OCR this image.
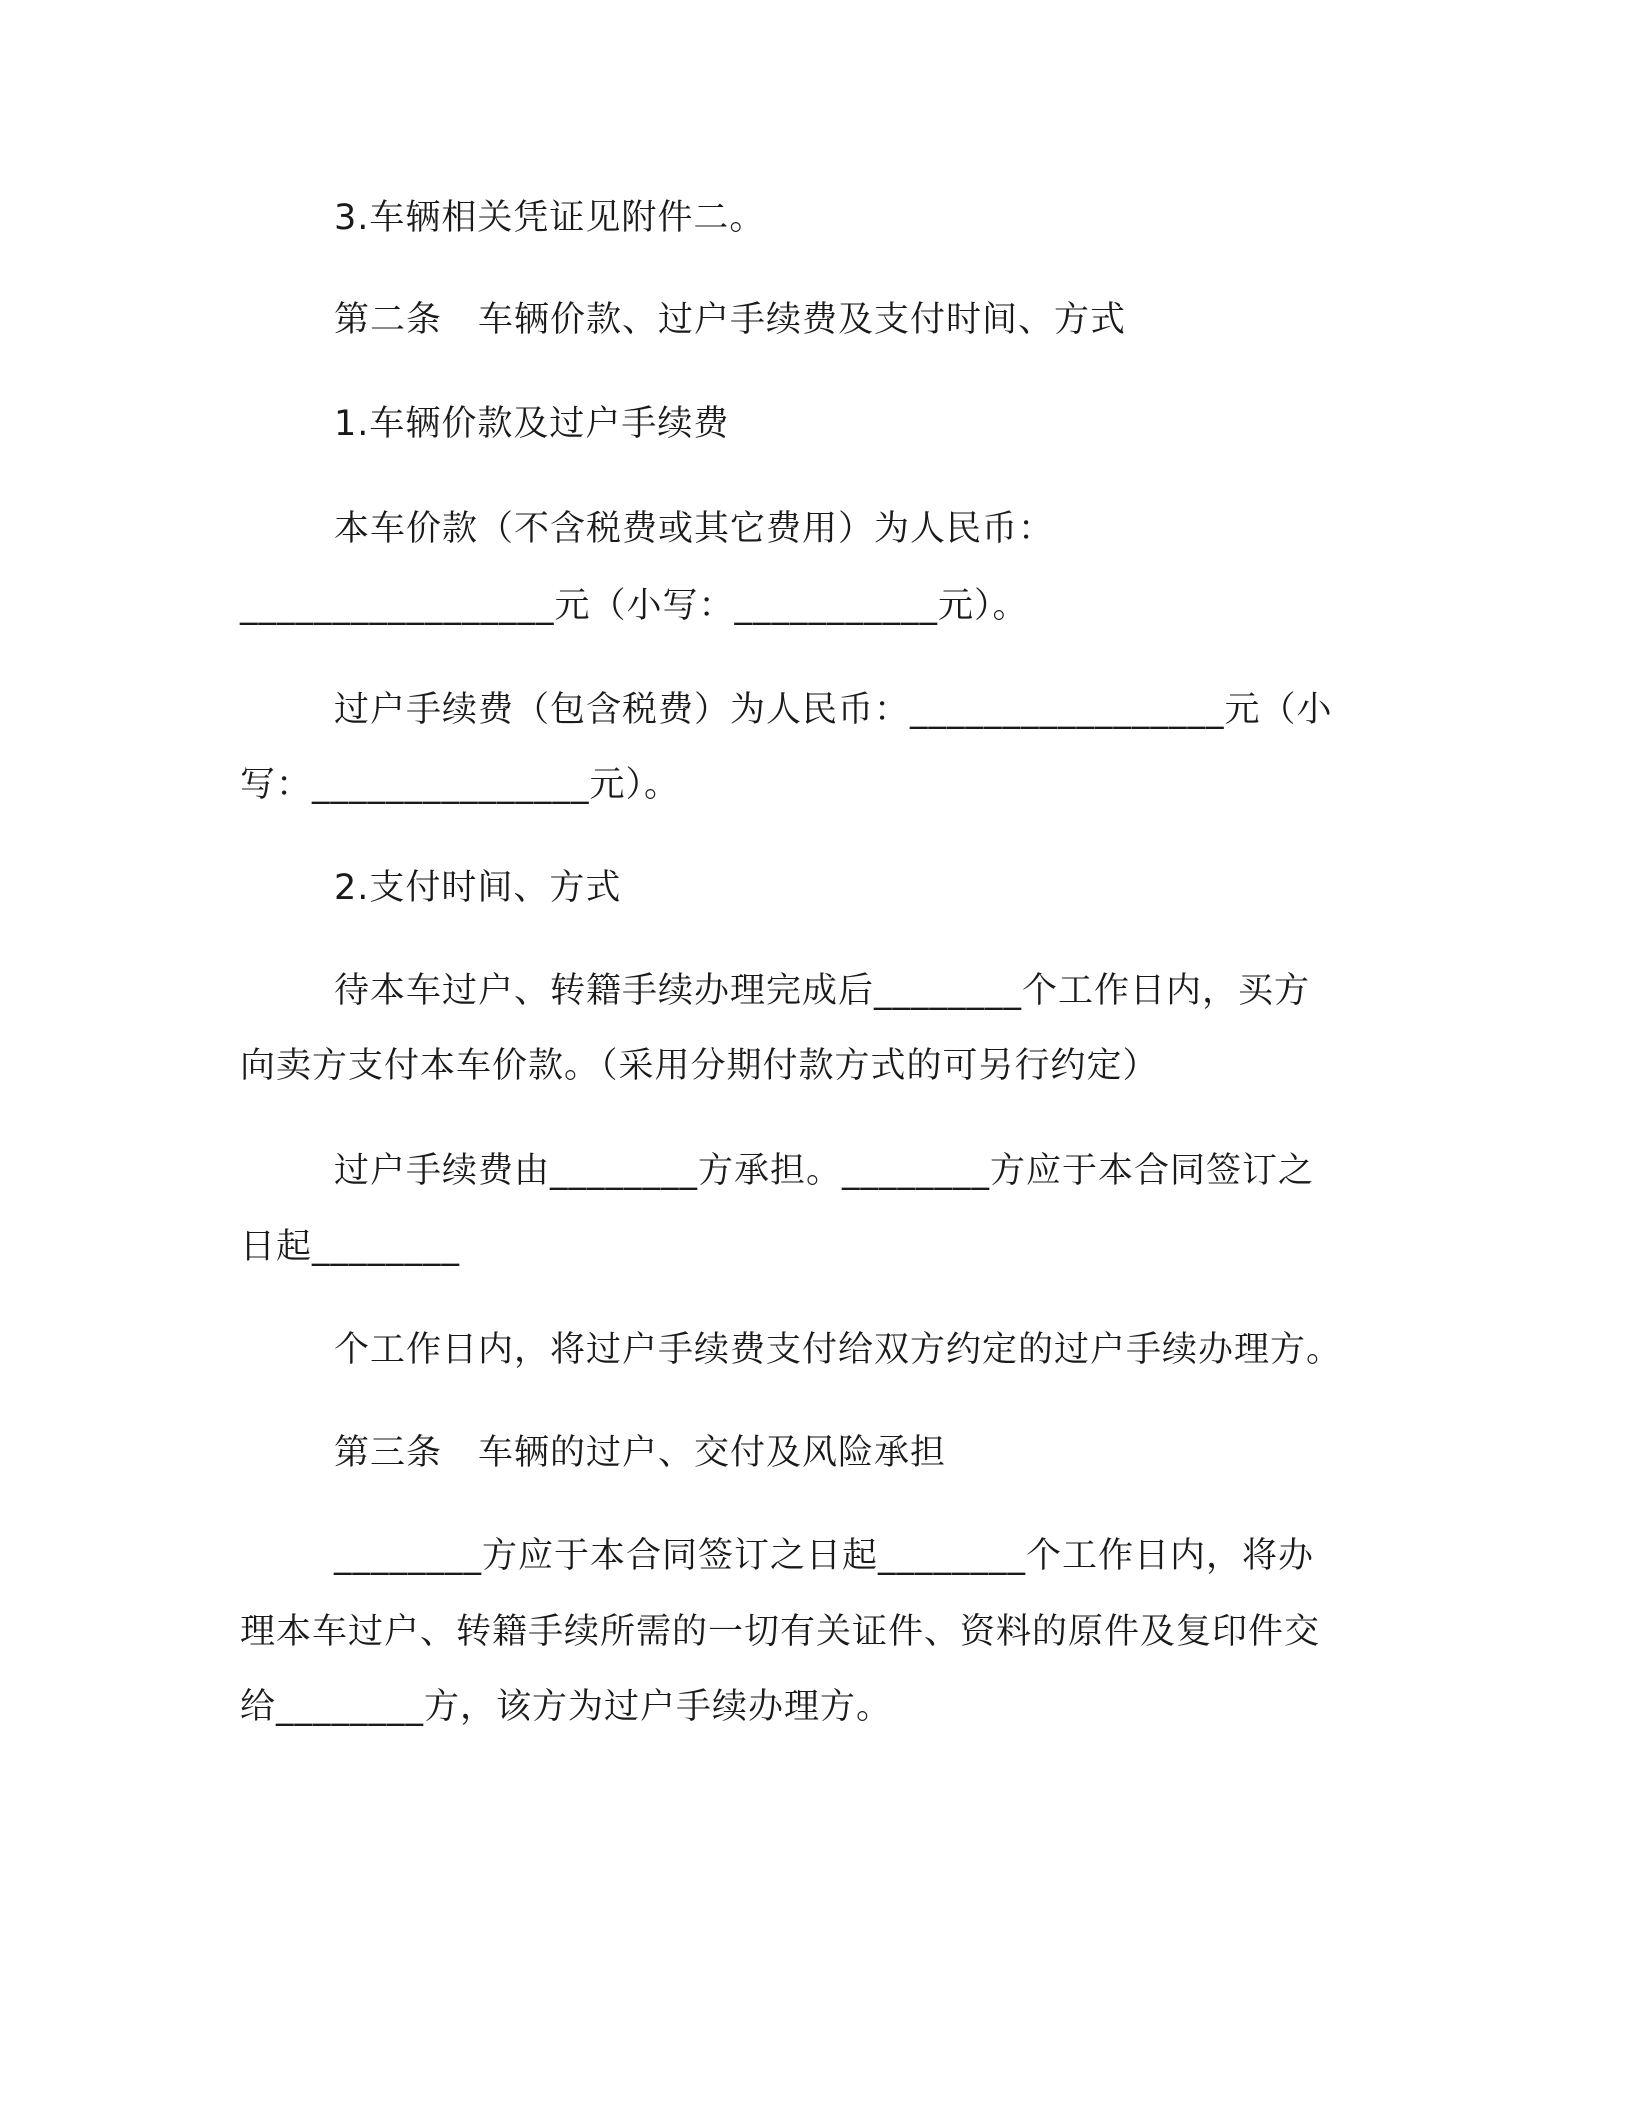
3.车辆相关凭证见附件二。
第二条　车辆价款、过户手续费及支付时间、方式
1.车辆价款及过户手续费
本车价款（不含税费或其它费用）为人民币：
_________________元（小写：___________元）。
过户手续费（包含税费）为人民币：_________________元（小
写：_______________元）。
2.支付时间、方式
待本车过户、转籍手续办理完成后________个工作日内，买方
向卖方支付本车价款。（采用分期付款方式的可另行约定）
过户手续费由________方承担。________方应于本合同签订之
日起________
个工作日内，将过户手续费支付给双方约定的过户手续办理方。
第三条　车辆的过户、交付及风险承担
________方应于本合同签订之日起________个工作日内，将办
理本车过户、转籍手续所需的一切有关证件、资料的原件及复印件交
给________方，该方为过户手续办理方。
